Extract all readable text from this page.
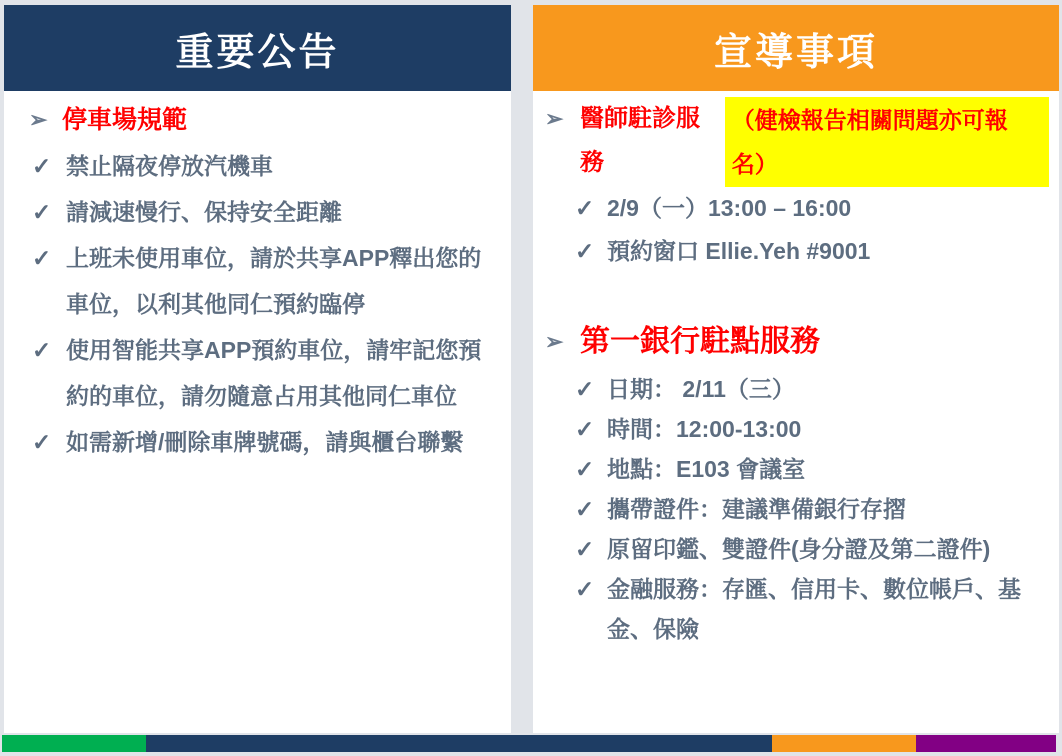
重要公告
➢ 停車場規範
✓ 禁止隔夜停放汽機車
✓ 請減速慢行、保持安全距離
✓ 上班未使用車位，請於共享APP釋出您的車位，以利其他同仁預約臨停
✓ 使用智能共享APP預約車位，請牢記您預約的車位，請勿隨意占用其他同仁車位
✓ 如需新增/刪除車牌號碼，請與櫃台聯繫
宣導事項
➢ 醫師駐診服務
（健檢報告相關問題亦可報名）
✓ 2/9（一）13:00 – 16:00
✓ 預約窗口 Ellie.Yeh #9001
➢ 第一銀行駐點服務
✓ 日期： 2/11（三）
✓ 時間：12:00-13:00
✓ 地點：E103 會議室
✓ 攜帶證件：建議準備銀行存摺
✓ 原留印鑑、雙證件(身分證及第二證件)
✓ 金融服務：存匯、信用卡、數位帳戶、基金、保險
